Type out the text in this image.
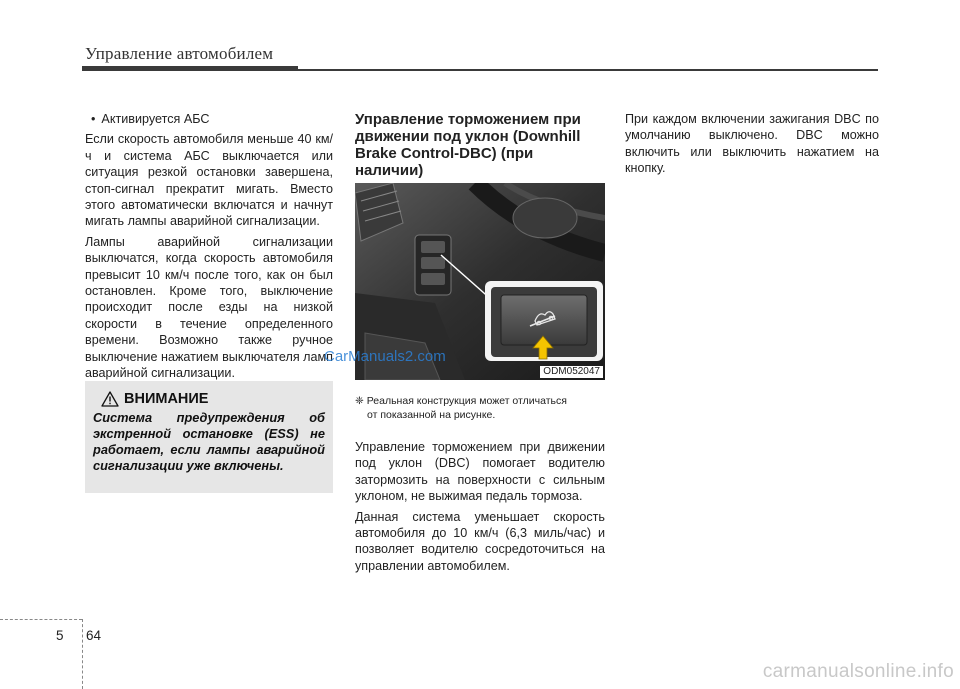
Управление автомобилем

• Активируется АБС

Если скорость автомобиля меньше 40 км/ч и система АБС выключается или ситуация резкой остановки завершена, стоп-сигнал прекратит мигать. Вместо этого автоматически включатся и начнут мигать лампы аварийной сигнализации.

Лампы аварийной сигнализации выключатся, когда скорость автомобиля превысит 10 км/ч после того, как он был остановлен. Кроме того, выключение происходит после езды на низкой скорости в течение определенного времени. Возможно также ручное выключение нажатием выключателя ламп аварийной сигнализации.

ВНИМАНИЕ
Система предупреждения об экстренной остановке (ESS) не работает, если лампы аварийной сигнализации уже включены.
Управление торможением при движении под уклон (Downhill Brake Control-DBC) (при наличии)
ODM052047
❈ Реальная конструкция может отличаться
от показанной на рисунке.

Управление торможением при движении под уклон (DBC) помогает водителю затормозить на поверхности с сильным уклоном, не выжимая педаль тормоза.

Данная система уменьшает скорость автомобиля до 10 км/ч (6,3 миль/час) и позволяет водителю сосредоточиться на управлении автомобилем.

При каждом включении зажигания DBC по умолчанию выключено. DBC можно включить или выключить нажатием на кнопку.

CarManuals2.com
5 64
carmanualsonline.info
